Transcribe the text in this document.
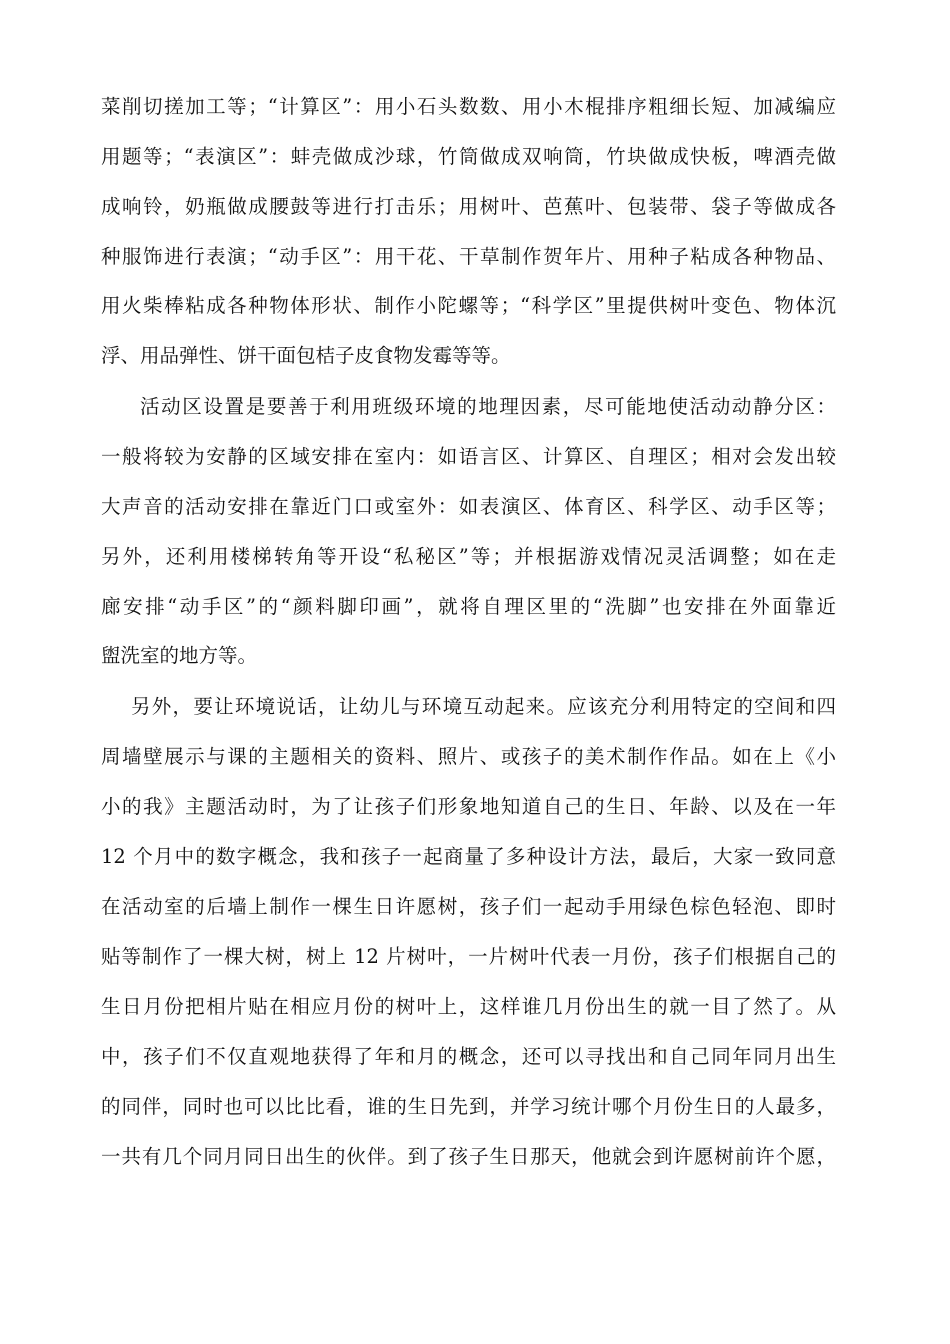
菜削切搓加工等；“计算区”：用小石头数数、用小木棍排序粗细长短、加减编应
用题等；“表演区”：蚌壳做成沙球，竹筒做成双响筒，竹块做成快板，啤酒壳做
成响铃，奶瓶做成腰鼓等进行打击乐；用树叶、芭蕉叶、包装带、袋子等做成各
种服饰进行表演；“动手区”：用干花、干草制作贺年片、用种子粘成各种物品、
用火柴棒粘成各种物体形状、制作小陀螺等；“科学区”里提供树叶变色、物体沉
浮、用品弹性、饼干面包桔子皮食物发霉等等。
活动区设置是要善于利用班级环境的地理因素，尽可能地使活动动静分区：
一般将较为安静的区域安排在室内：如语言区、计算区、自理区；相对会发出较
大声音的活动安排在靠近门口或室外：如表演区、体育区、科学区、动手区等；
另外，还利用楼梯转角等开设“私秘区”等；并根据游戏情况灵活调整；如在走
廊安排“动手区”的“颜料脚印画”，就将自理区里的“洗脚”也安排在外面靠近
盥洗室的地方等。
另外，要让环境说话，让幼儿与环境互动起来。应该充分利用特定的空间和四
周墙壁展示与课的主题相关的资料、照片、或孩子的美术制作作品。如在上《小
小的我》主题活动时，为了让孩子们形象地知道自己的生日、年龄、以及在一年
12 个月中的数字概念，我和孩子一起商量了多种设计方法，最后，大家一致同意
在活动室的后墙上制作一棵生日许愿树，孩子们一起动手用绿色棕色轻泡、即时
贴等制作了一棵大树，树上 12 片树叶，一片树叶代表一月份，孩子们根据自己的
生日月份把相片贴在相应月份的树叶上，这样谁几月份出生的就一目了然了。从
中，孩子们不仅直观地获得了年和月的概念，还可以寻找出和自己同年同月出生
的同伴，同时也可以比比看，谁的生日先到，并学习统计哪个月份生日的人最多，
一共有几个同月同日出生的伙伴。到了孩子生日那天，他就会到许愿树前许个愿，
